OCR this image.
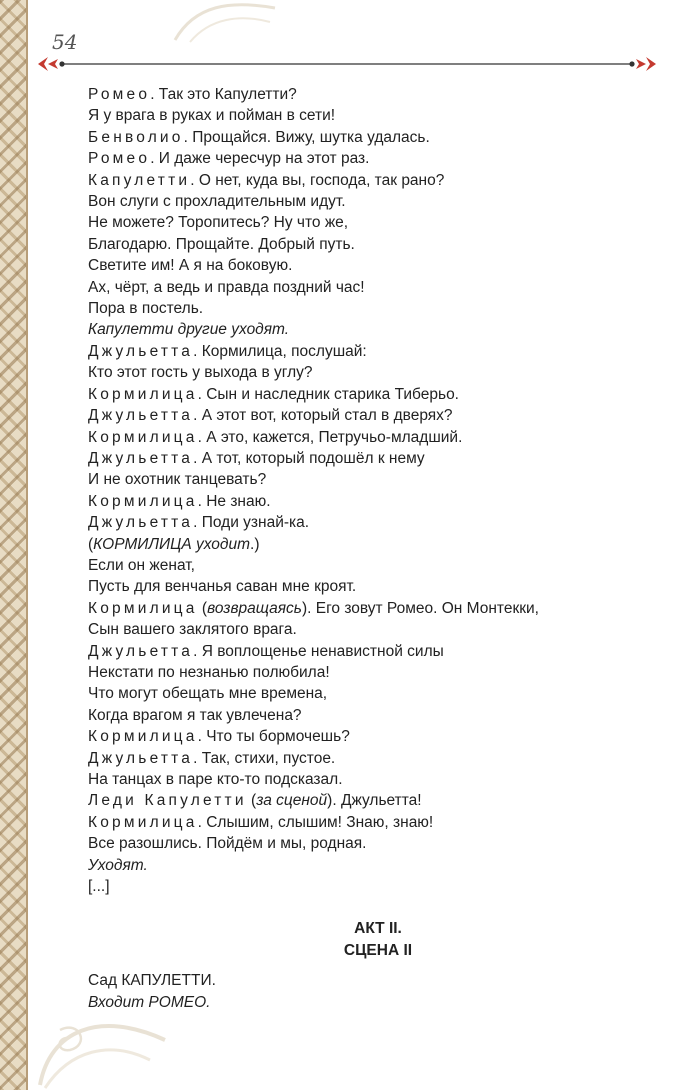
54
Ромео. Так это Капулетти?
Я у врага в руках и пойман в сети!
Бенволио. Прощайся. Вижу, шутка удалась.
Ромео. И даже чересчур на этот раз.
Капулетти. О нет, куда вы, господа, так рано?
Вон слуги с прохладительным идут.
Не можете? Торопитесь? Ну что же,
Благодарю. Прощайте. Добрый путь.
Светите им! А я на боковую.
Ах, чёрт, а ведь и правда поздний час!
Пора в постель.
Капулетти другие уходят.
Джульетта. Кормилица, послушай:
Кто этот гость у выхода в углу?
Кормилица. Сын и наследник старика Тиберьо.
Джульетта. А этот вот, который стал в дверях?
Кормилица. А это, кажется, Петручьо-младший.
Джульетта. А тот, который подошёл к нему
И не охотник танцевать?
Кормилица. Не знаю.
Джульетта. Поди узнай-ка.
(КОРМИЛИЦА уходит.)
Если он женат,
Пусть для венчанья саван мне кроят.
Кормилица (возвращаясь). Его зовут Ромео. Он Монтекки,
Сын вашего заклятого врага.
Джульетта. Я воплощенье ненавистной силы
Некстати по незнанью полюбила!
Что могут обещать мне времена,
Когда врагом я так увлечена?
Кормилица. Что ты бормочешь?
Джульетта. Так, стихи, пустое.
На танцах в паре кто-то подсказал.
Леди Капулетти (за сценой). Джульетта!
Кормилица. Слышим, слышим! Знаю, знаю!
Все разошлись. Пойдём и мы, родная.
Уходят.
[...]
АКТ II.
СЦЕНА II
Сад КАПУЛЕТТИ.
Входит РОМЕО.
